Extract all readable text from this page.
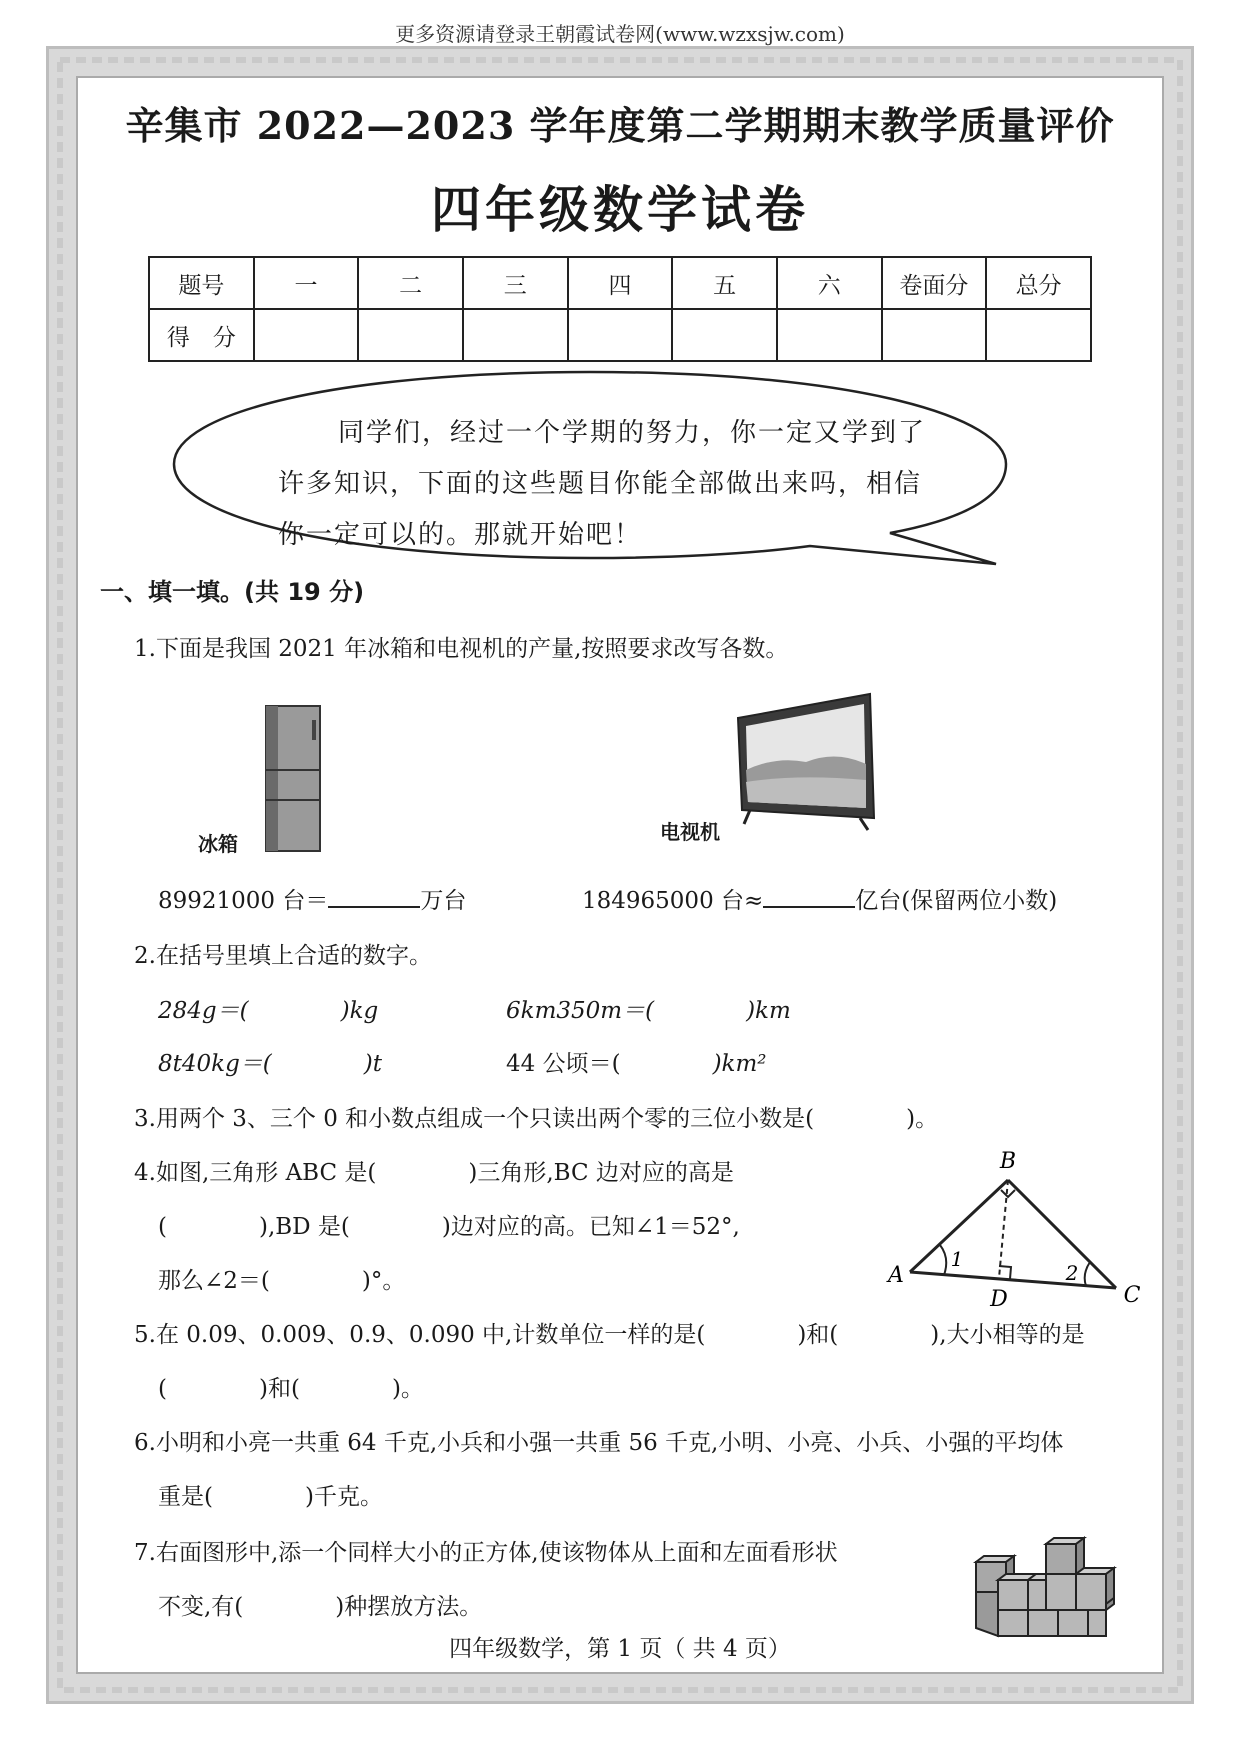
更多资源请登录王朝霞试卷网(www.wzxsjw.com)
辛集市 2022—2023 学年度第二学期期末教学质量评价
四年级数学试卷
题号	一	二	三	四	五	六	卷面分	总分
得　分								
同学们，经过一个学期的努力，你一定又学到了
许多知识，下面的这些题目你能全部做出来吗，相信
你一定可以的。那就开始吧！
一、填一填。(共 19 分)
1.下面是我国 2021 年冰箱和电视机的产量,按照要求改写各数。
冰箱	电视机
89921000 台＝	万台	184965000 台≈	亿台(保留两位小数)
2.在括号里填上合适的数字。
284g＝(	)kg	6km350m＝(	)km
8t40kg＝(	)t	44 公顷＝(	)km²
3.用两个 3、三个 0 和小数点组成一个只读出两个零的三位小数是(	)。
4.如图,三角形 ABC 是(	)三角形,BC 边对应的高是
(	),BD 是(	)边对应的高。已知∠1＝52°,
那么∠2＝(	)°。
B
A
C
D
1
2
5.在 0.09、0.009、0.9、0.090 中,计数单位一样的是(	)和(	),大小相等的是
(	)和(	)。
6.小明和小亮一共重 64 千克,小兵和小强一共重 56 千克,小明、小亮、小兵、小强的平均体
重是(	)千克。
7.右面图形中,添一个同样大小的正方体,使该物体从上面和左面看形状
不变,有(	)种摆放方法。
四年级数学，第 1 页（ 共 4 页）
